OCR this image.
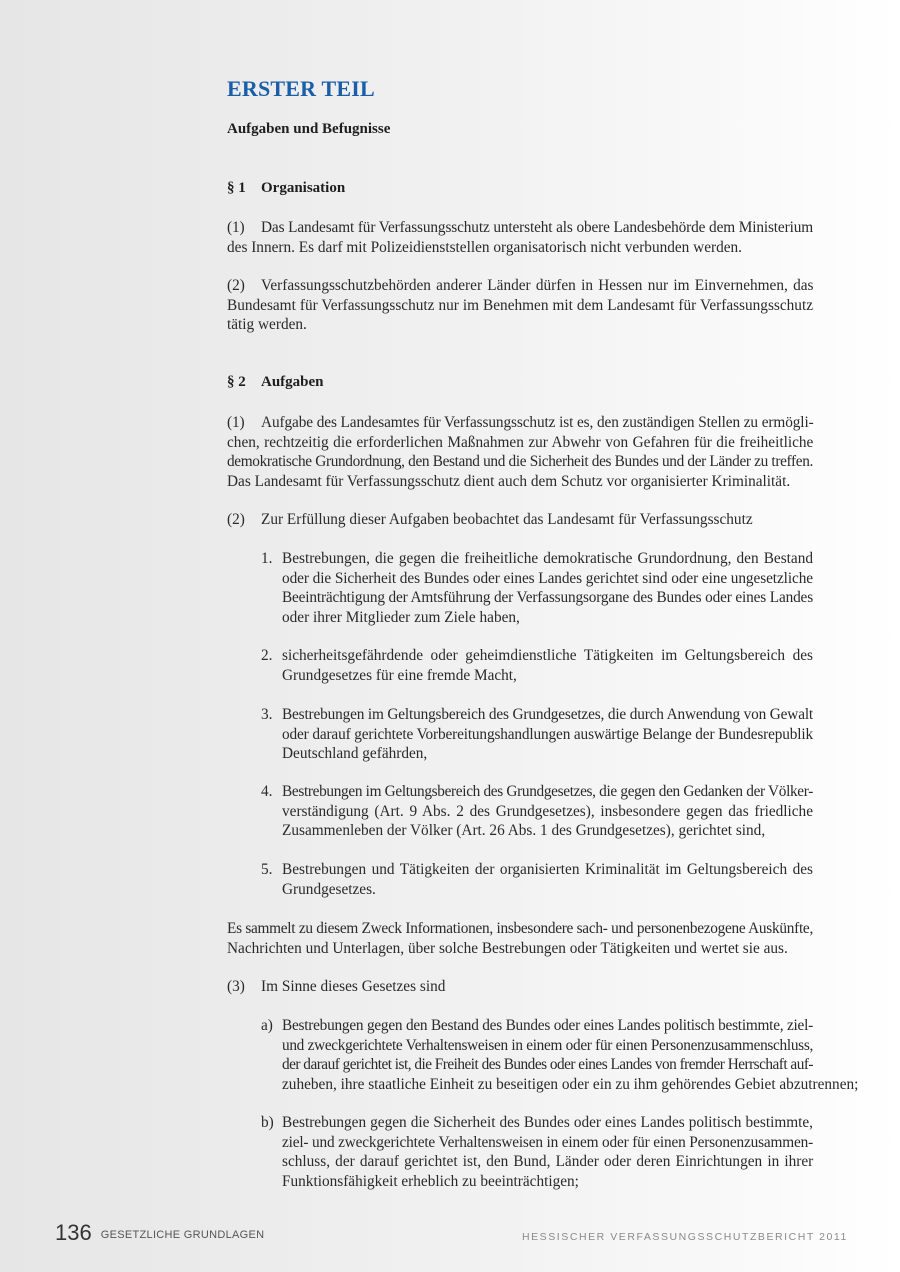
ERSTER TEIL
Aufgaben und Befugnisse
§ 1 Organisation
(1) Das Landesamt für Verfassungsschutz untersteht als obere Landesbehörde dem Ministerium
des Innern. Es darf mit Polizeidienststellen organisatorisch nicht verbunden werden.
(2) Verfassungsschutzbehörden anderer Länder dürfen in Hessen nur im Einvernehmen, das
Bundesamt für Verfassungsschutz nur im Benehmen mit dem Landesamt für Verfassungsschutz
tätig werden.
§ 2 Aufgaben
(1) Aufgabe des Landesamtes für Verfassungsschutz ist es, den zuständigen Stellen zu ermögli-
chen, rechtzeitig die erforderlichen Maßnahmen zur Abwehr von Gefahren für die freiheitliche
demokratische Grundordnung, den Bestand und die Sicherheit des Bundes und der Länder zu treffen.
Das Landesamt für Verfassungsschutz dient auch dem Schutz vor organisierter Kriminalität.
(2) Zur Erfüllung dieser Aufgaben beobachtet das Landesamt für Verfassungsschutz
1. Bestrebungen, die gegen die freiheitliche demokratische Grundordnung, den Bestand
oder die Sicherheit des Bundes oder eines Landes gerichtet sind oder eine ungesetzliche
Beeinträchtigung der Amtsführung der Verfassungsorgane des Bundes oder eines Landes
oder ihrer Mitglieder zum Ziele haben,
2. sicherheitsgefährdende oder geheimdienstliche Tätigkeiten im Geltungsbereich des
Grundgesetzes für eine fremde Macht,
3. Bestrebungen im Geltungsbereich des Grundgesetzes, die durch Anwendung von Gewalt
oder darauf gerichtete Vorbereitungshandlungen auswärtige Belange der Bundesrepublik
Deutschland gefährden,
4. Bestrebungen im Geltungsbereich des Grundgesetzes, die gegen den Gedanken der Völker-
verständigung (Art. 9 Abs. 2 des Grundgesetzes), insbesondere gegen das friedliche
Zusammenleben der Völker (Art. 26 Abs. 1 des Grundgesetzes), gerichtet sind,
5. Bestrebungen und Tätigkeiten der organisierten Kriminalität im Geltungsbereich des
Grundgesetzes.
Es sammelt zu diesem Zweck Informationen, insbesondere sach- und personenbezogene Auskünfte,
Nachrichten und Unterlagen, über solche Bestrebungen oder Tätigkeiten und wertet sie aus.
(3) Im Sinne dieses Gesetzes sind
a) Bestrebungen gegen den Bestand des Bundes oder eines Landes politisch bestimmte, ziel-
und zweckgerichtete Verhaltensweisen in einem oder für einen Personenzusammenschluss,
der darauf gerichtet ist, die Freiheit des Bundes oder eines Landes von fremder Herrschaft auf-
zuheben, ihre staatliche Einheit zu beseitigen oder ein zu ihm gehörendes Gebiet abzutrennen;
b) Bestrebungen gegen die Sicherheit des Bundes oder eines Landes politisch bestimmte,
ziel- und zweckgerichtete Verhaltensweisen in einem oder für einen Personenzusammen-
schluss, der darauf gerichtet ist, den Bund, Länder oder deren Einrichtungen in ihrer
Funktionsfähigkeit erheblich zu beeinträchtigen;
136 GESETZLICHE GRUNDLAGEN	HESSISCHER VERFASSUNGSSCHUTZBERICHT 2011
